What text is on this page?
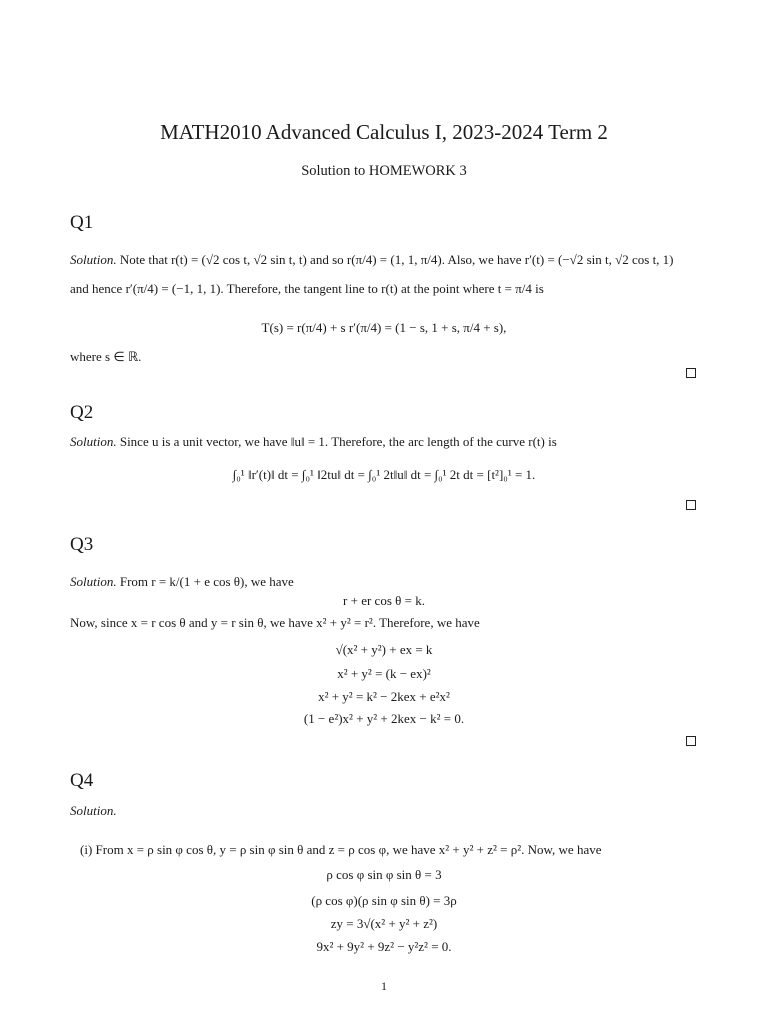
MATH2010 Advanced Calculus I, 2023-2024 Term 2
Solution to HOMEWORK 3
Q1
Solution. Note that r(t) = (√2 cos t, √2 sin t, t) and so r(π/4) = (1, 1, π/4). Also, we have r′(t) = (−√2 sin t, √2 cos t, 1)
and hence r′(π/4) = (−1, 1, 1). Therefore, the tangent line to r(t) at the point where t = π/4 is
T(s) = r(π/4) + s r′(π/4) = (1 − s, 1 + s, π/4 + s),
where s ∈ ℝ.
Q2
Solution. Since u is a unit vector, we have ‖u‖ = 1. Therefore, the arc length of the curve r(t) is
∫₀¹ ‖r′(t)‖ dt = ∫₀¹ ‖2tu‖ dt = ∫₀¹ 2t‖u‖ dt = ∫₀¹ 2t dt = [t²]₀¹ = 1.
Q3
Solution. From r = k/(1 + e cos θ), we have
r + er cos θ = k.
Now, since x = r cos θ and y = r sin θ, we have x² + y² = r². Therefore, we have
√(x² + y²) + ex = k
x² + y² = (k − ex)²
x² + y² = k² − 2kex + e²x²
(1 − e²)x² + y² + 2kex − k² = 0.
Q4
Solution.
(i) From x = ρ sin φ cos θ, y = ρ sin φ sin θ and z = ρ cos φ, we have x² + y² + z² = ρ². Now, we have
ρ cos φ sin φ sin θ = 3
(ρ cos φ)(ρ sin φ sin θ) = 3ρ
zy = 3√(x² + y² + z²)
9x² + 9y² + 9z² − y²z² = 0.
1
